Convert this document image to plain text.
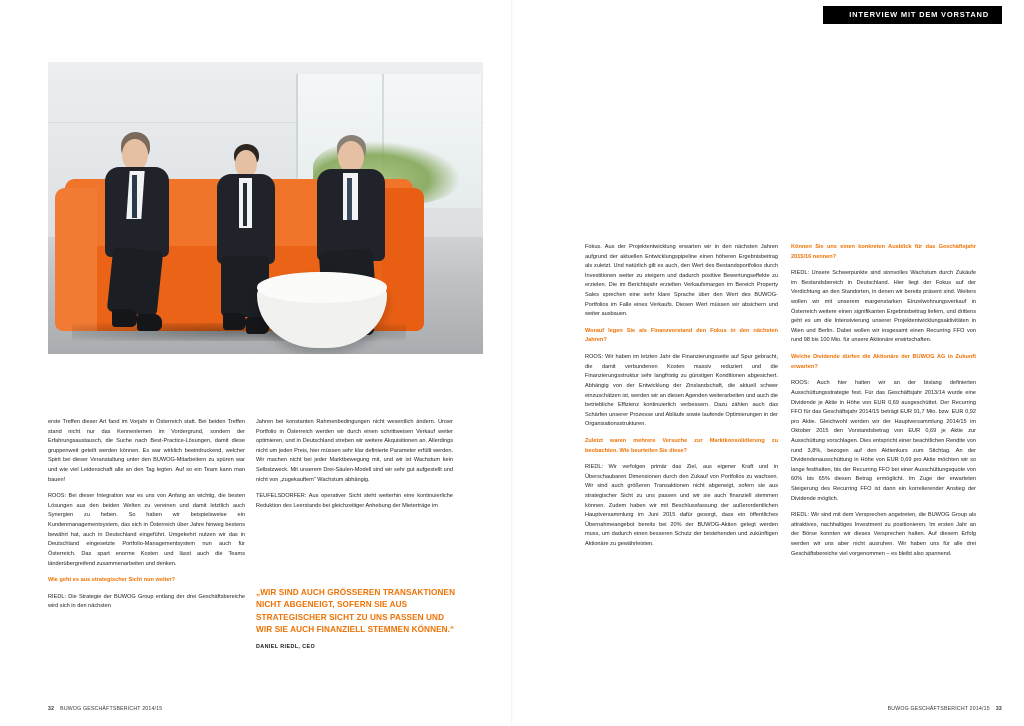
INTERVIEW MIT DEM VORSTAND

erste Treffen dieser Art fand im Vorjahr in Österreich statt. Bei beiden Treffen stand nicht nur das Kennenlernen im Vordergrund, sondern der Erfahrungsaustausch, die Suche nach Best-Practice-Lösungen, damit diese gruppenweit geteilt werden können. Es war wirklich beeindruckend, welcher Spirit bei dieser Veranstaltung unter den BUWOG-Mitarbeitern zu spüren war und wie viel Leidenschaft alle an den Tag legten. Auf so ein Team kann man bauen!

ROOS: Bei dieser Integration war es uns von Anfang an wichtig, die besten Lösungen aus den beiden Welten zu vereinen und damit letztlich auch Synergien zu heben. So haben wir beispielsweise ein Kundenmanagementsystem, das sich in Österreich über Jahre hinweg bestens bewährt hat, auch in Deutschland eingeführt. Umgekehrt nutzen wir das in Deutschland eingesetzte Portfolio-Managementsystem nun auch für Österreich. Das spart enorme Kosten und lässt auch die Teams länderübergreifend zusammenarbeiten und denken.

Wie geht es aus strategischer Sicht nun weiter?

RIEDL: Die Strategie der BUWOG Group entlang der drei Geschäftsbereiche wird sich in den nächsten

Jahren bei konstanten Rahmenbedingungen nicht wesentlich ändern. Unser Portfolio in Österreich werden wir durch einen schrittweisen Verkauf weiter optimieren, und in Deutschland streben wir weitere Akquisitionen an. Allerdings nicht um jeden Preis, hier müssen sehr klar definierte Parameter erfüllt werden. Wir machen nicht bei jeder Marktbewegung mit, und wir ist Wachstum kein Selbstzweck. Mit unserem Drei-Säulen-Modell sind wir sehr gut aufgestellt und nicht von „zugekauftem“ Wachstum abhängig.

TEUFELSDORFER: Aus operativer Sicht steht weiterhin eine kontinuierliche Reduktion des Leerstands bei gleichzeitiger Anhebung der Mieterträge im

„WIR SIND AUCH GRÖSSEREN TRANSAKTIONEN NICHT ABGENEIGT, SOFERN SIE AUS STRATEGISCHER SICHT ZU UNS PASSEN UND WIR SIE AUCH FINANZIELL STEMMEN KÖNNEN.“
DANIEL RIEDL, CEO

Fokus. Aus der Projektentwicklung erwarten wir in den nächsten Jahren aufgrund der aktuellen Entwicklungspipeline einen höheren Ergebnisbeitrag als zuletzt. Und natürlich gilt es auch, den Wert des Bestandsportfolios durch Investitionen weiter zu steigern und dadurch positive Bewertungseffekte zu erzielen. Die im Berichtsjahr erzielten Verkaufsmargen im Bereich Property Sales sprechen eine sehr klare Sprache über den Wert des BUWOG-Portfolios im Falle eines Verkaufs. Diesen Wert müssen wir absichern und weiter ausbauen.

Worauf legen Sie als Finanzvorstand den Fokus in den nächsten Jahren?

ROOS: Wir haben im letzten Jahr die Finanzierungsseite auf Spur gebracht, die damit verbundenen Kosten massiv reduziert und die Finanzierungsstruktur sehr langfristig zu günstigen Konditionen abgesichert. Abhängig von der Entwicklung der Zinslandschaft, die aktuell schwer einzuschätzen ist, werden wir an diesen Agenden weiterarbeiten und auch die betriebliche Effizienz kontinuierlich verbessern. Dazu zählen auch das Schärfen unserer Prozesse und Abläufe sowie laufende Optimierungen in der Organisationsstrukturen.

Zuletzt waren mehrere Versuche zur Marktkonsolidierung zu beobachten. Wie beurteilen Sie diese?

RIEDL: Wir verfolgen primär das Ziel, aus eigener Kraft und in Überschaubaren Dimensionen durch den Zukauf von Portfolios zu wachsen. Wir sind auch größeren Transaktionen nicht abgeneigt, sofern sie aus strategischer Sicht zu uns passen und wir sie auch finanziell stemmen können. Zudem haben wir mit Beschlussfassung der außerordentlichen Hauptversammlung im Juni 2015 dafür gesorgt, dass ein öffentliches Übernahmeangebot bereits bei 20% der BUWOG-Aktien gelegt werden muss, um dadurch einen besseren Schutz der bestehenden und zukünftigen Aktionäre zu gewährleisten.

Können Sie uns einen konkreten Ausblick für das Geschäftsjahr 2015/16 nennen?

RIEDL: Unsere Schwerpunkte sind sinnvolles Wachstum durch Zukäufe im Bestandsbereich in Deutschland. Hier liegt der Fokus auf der Verdichtung an den Standorten, in denen wir bereits präsent sind. Weiters wollen wir mit unserem margenstarken Einzelwohnungsverkauf in Österreich weitere einen signifikanten Ergebnisbeitrag liefern, und drittens geht es um die Intensivierung unserer Projektentwicklungsaktivitäten in Wien und Berlin. Dabei wollen wir insgesamt einen Recurring FFO von rund 98 bis 100 Mio. für unsere Aktionäre erwirtschaften.

Welche Dividende dürfen die Aktionäre der BUWOG AG in Zukunft erwarten?

ROOS: Auch hier halten wir an der bislang definierten Ausschüttungsstrategie fest. Für das Geschäftsjahr 2013/14 wurde eine Dividende je Aktie in Höhe von EUR 0,69 ausgeschüttet. Der Recurring FFO für das Geschäftsjahr 2014/15 beträgt EUR 91,7 Mio. bzw. EUR 0,92 pro Aktie. Gleichwohl werden wir der Hauptversammlung 2014/15 im Oktober 2015 den Vorstandsbetrag von EUR 0,69 je Aktie zur Ausschüttung vorschlagen. Dies entspricht einer beachtlichen Rendite von rund 3,8%, bezogen auf den Aktienkurs zum Stichtag. An der Dividendenausschüttung in Höhe von EUR 0,69 pro Aktie möchten wir so lange festhalten, bis der Recurring FFO bei einer Ausschüttungsquote von 60% bis 65% diesen Betrag ermöglicht. Im Zuge der erwarteten Steigerung des Recurring FFO ist dann ein korrelierender Anstieg der Dividende möglich.

RIEDL: Wir sind mit dem Versprechen angetreten, die BUWOG Group als attraktives, nachhaltiges Investment zu positionieren. Im ersten Jahr an der Börse konnten wir dieses Versprechen halten. Auf diesem Erfolg werden wir uns aber nicht ausruhen. Wir haben uns für alle drei Geschäftsbereiche viel vorgenommen – es bleibt also spannend.

32 BUWOG GESCHÄFTSBERICHT 2014/15	BUWOG GESCHÄFTSBERICHT 2014/15 33
